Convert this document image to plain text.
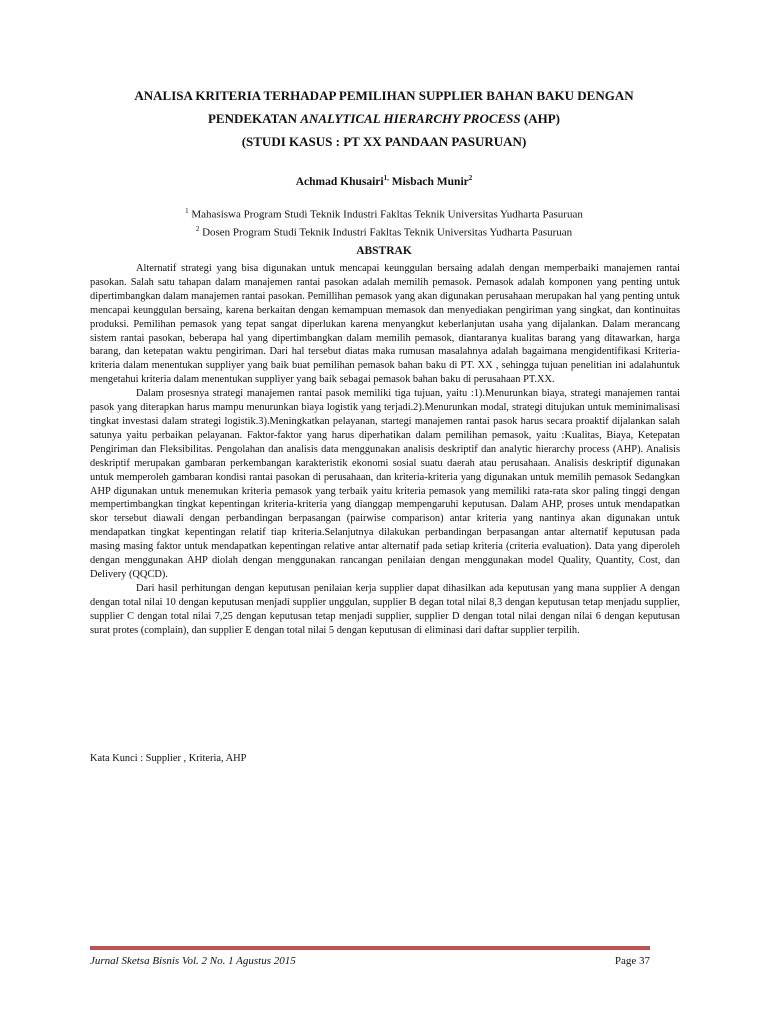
ANALISA KRITERIA TERHADAP PEMILIHAN SUPPLIER BAHAN BAKU DENGAN
PENDEKATAN ANALYTICAL HIERARCHY PROCESS (AHP)
(STUDI KASUS : PT XX PANDAAN PASURUAN)
Achmad Khusairi$^{1,}$ Misbach Munir$^2$
$^1$ Mahasiswa Program Studi Teknik Industri Fakltas Teknik Universitas Yudharta Pasuruan
$^2$ Dosen Program Studi Teknik Industri Fakltas Teknik Universitas Yudharta Pasuruan
ABSTRAK

Alternatif strategi yang bisa digunakan untuk mencapai keunggulan bersaing adalah dengan memperbaiki manajemen rantai pasokan. Salah satu tahapan dalam manajemen rantai pasokan adalah memilih pemasok. Pemasok adalah komponen yang penting untuk dipertimbangkan dalam manajemen rantai pasokan. Pemillihan pemasok yang akan digunakan perusahaan merupakan hal yang penting untuk mencapai keunggulan bersaing, karena berkaitan dengan kemampuan memasok dan menyediakan pengiriman yang singkat, dan kontinuitas produksi. Pemilihan pemasok yang tepat sangat diperlukan karena menyangkut keberlanjutan usaha yang dijalankan. Dalam merancang sistem rantai pasokan, beberapa hal yang dipertimbangkan dalam memilih pemasok, diantaranya kualitas barang yang ditawarkan, harga barang, dan ketepatan waktu pengiriman. Dari hal tersebut diatas maka rumusan masalahnya adalah bagaimana mengidentifikasi Kriteria-kriteria dalam menentukan suppliyer yang baik buat pemilihan pemasok bahan baku di PT. XX , sehingga tujuan penelitian ini adalahuntuk mengetahui kriteria dalam menentukan suppliyer yang baik sebagai pemasok bahan baku di perusahaan PT.XX.

Dalam prosesnya strategi manajemen rantai pasok memiliki tiga tujuan, yaitu :1).Menurunkan biaya, strategi manajemen rantai pasok yang diterapkan harus mampu menurunkan biaya logistik yang terjadi.2).Menurunkan modal, strategi ditujukan untuk meminimalisasi tingkat investasi dalam strategi logistik.3).Meningkatkan pelayanan, startegi manajemen rantai pasok harus secara proaktif dijalankan salah satunya yaitu perbaikan pelayanan. Faktor-faktor yang harus diperhatikan dalam pemilihan pemasok, yaitu :Kualitas, Biaya, Ketepatan Pengiriman dan Fleksibilitas. Pengolahan dan analisis data menggunakan analisis deskriptif dan analytic hierarchy process (AHP). Analisis deskriptif merupakan gambaran perkembangan karakteristik ekonomi sosial suatu daerah atau perusahaan. Analisis deskriptif digunakan untuk memperoleh gambaran kondisi rantai pasokan di perusahaan, dan kriteria-kriteria yang digunakan untuk memilih pemasok Sedangkan AHP digunakan untuk menemukan kriteria pemasok yang terbaik yaitu kriteria pemasok yang memiliki rata-rata skor paling tinggi dengan mempertimbangkan tingkat kepentingan kriteria-kriteria yang dianggap mempengaruhi keputusan. Dalam AHP, proses untuk mendapatkan skor tersebut diawali dengan perbandingan berpasangan (pairwise comparison) antar kriteria yang nantinya akan digunakan untuk mendapatkan tingkat kepentingan relatif tiap kriteria.Selanjutnya dilakukan perbandingan berpasangan antar alternatif keputusan pada masing masing faktor untuk mendapatkan kepentingan relative antar alternatif pada setiap kriteria (criteria evaluation). Data yang diperoleh dengan menggunakan AHP diolah dengan menggunakan rancangan penilaian dengan menggunakan model Quality, Quantity, Cost, dan Delivery (QQCD).

Dari hasil perhitungan dengan keputusan penilaian kerja supplier dapat dihasilkan ada keputusan yang mana supplier A dengan dengan total nilai 10 dengan keputusan menjadi supplier unggulan, supplier B degan total nilai 8,3 dengan keputusan tetap menjadu supplier, supplier C dengan total nilai 7,25 dengan keputusan tetap menjadi supplier, supplier D dengan total nilai dengan nilai 6 dengan keputusan surat protes (complain), dan supplier E dengan total nilai 5 dengan keputusan di eliminasi dari daftar supplier terpilih.

Kata Kunci : Supplier , Kriteria, AHP
Jurnal Sketsa Bisnis Vol. 2 No. 1 Agustus 2015	Page 37
